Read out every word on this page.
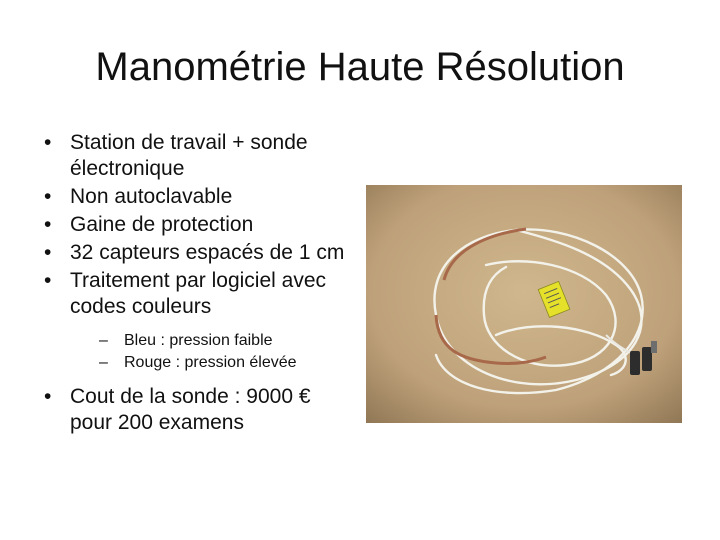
Manométrie Haute Résolution
• Station de travail + sonde électronique
• Non autoclavable
• Gaine de protection
• 32 capteurs espacés de 1 cm
• Traitement par logiciel avec codes couleurs
– Bleu : pression faible
– Rouge : pression élevée
• Cout de la sonde : 9000 € pour 200 examens
